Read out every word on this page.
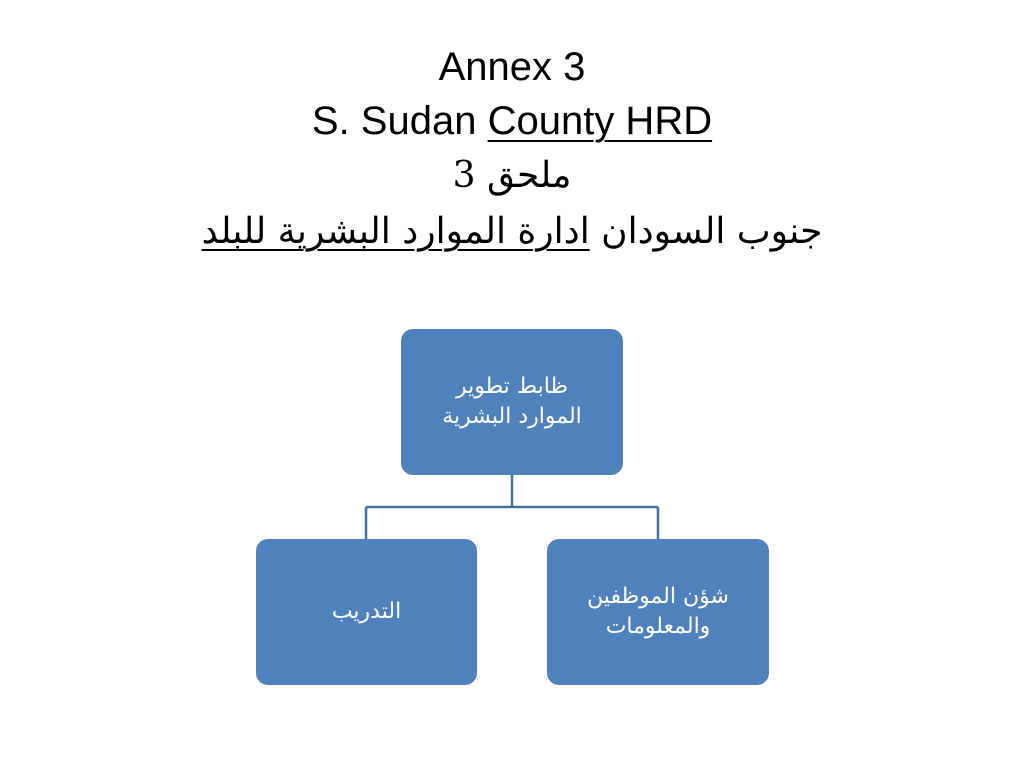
Annex 3
S. Sudan County HRD
ملحق 3
جنوب السودان ادارة الموارد البشرية للبلد
ظابط تطوير
الموارد البشرية
شؤن الموظفين
والمعلومات
التدريب
